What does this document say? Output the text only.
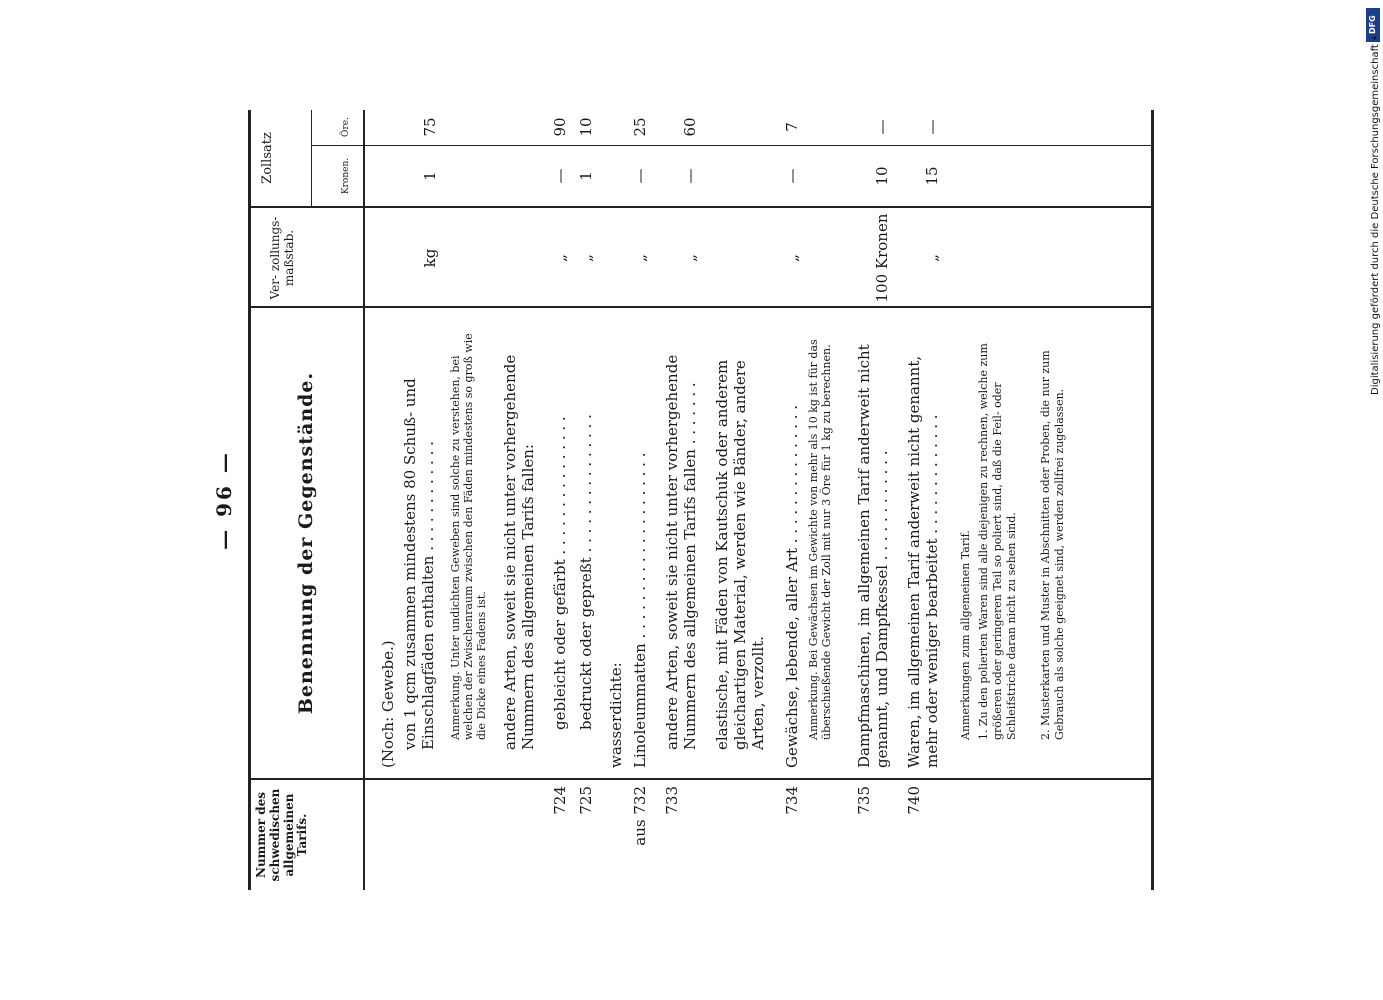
— 96 —
Nummer des schwedischen allgemeinen Tarifs.
Benennung der Gegenstände.
Ver- zollungs- maßstab.
Zollsatz	Kronen.
Öre.
(Noch: Gewebe.) von 1 qcm zusammen mindestens 80 Schuß- und Einschlagfäden enthalten . . . . . . . . . . . .
kg
1
75
Anmerkung. Unter undichten Geweben sind solche zu verstehen, bei welchen der Zwischenraum zwischen den Fäden mindestens so groß wie die Dicke eines Fadens ist. andere Arten, soweit sie nicht unter vorhergehende Nummern des allgemeinen Tarifs fallen:
724
gebleicht oder gefärbt . . . . . . . . . . . . . . .
„
—
90
725
bedruckt oder gepreßt . . . . . . . . . . . . . . .
„
1
10
wasserdichte:
aus 732
Linoleummatten . . . . . . . . . . . . . . . . . . . .
„
—
25
733
andere Arten, soweit sie nicht unter vorhergehende Nummern des allgemeinen Tarifs fallen . . . . . . .
„
—
60
elastische, mit Fäden von Kautschuk oder anderem gleichartigen Material, werden wie Bänder, andere Arten, verzollt.
734
Gewächse, lebende, aller Art . . . . . . . . . . . . . . .
„
—
7
Anmerkung. Bei Gewächsen im Gewichte von mehr als 10 kg ist für das überschießende Gewicht der Zoll mit nur 3 Öre für 1 kg zu berechnen.
735
Dampfmaschinen, im allgemeinen Tarif anderweit nicht genannt, und Dampfkessel . . . . . . . . . . . .
100 Kronen
10
—
740
Waren, im allgemeinen Tarif anderweit nicht genannt, mehr oder weniger bearbeitet . . . . . . . . . . . . .
„
15
—
Anmerkungen zum allgemeinen Tarif. 1. Zu den polierten Waren sind alle diejenigen zu rechnen, welche zum größeren oder geringeren Teil so poliert sind, daß die Feil- oder Schleifstriche daran nicht zu sehen sind. 2. Musterkarten und Muster in Abschnitten oder Proben, die nur zum Gebrauch als solche geeignet sind, werden zollfrei zugelassen.
DFG
Digitalisierung gefördert durch die Deutsche Forschungsgemeinschaft •
